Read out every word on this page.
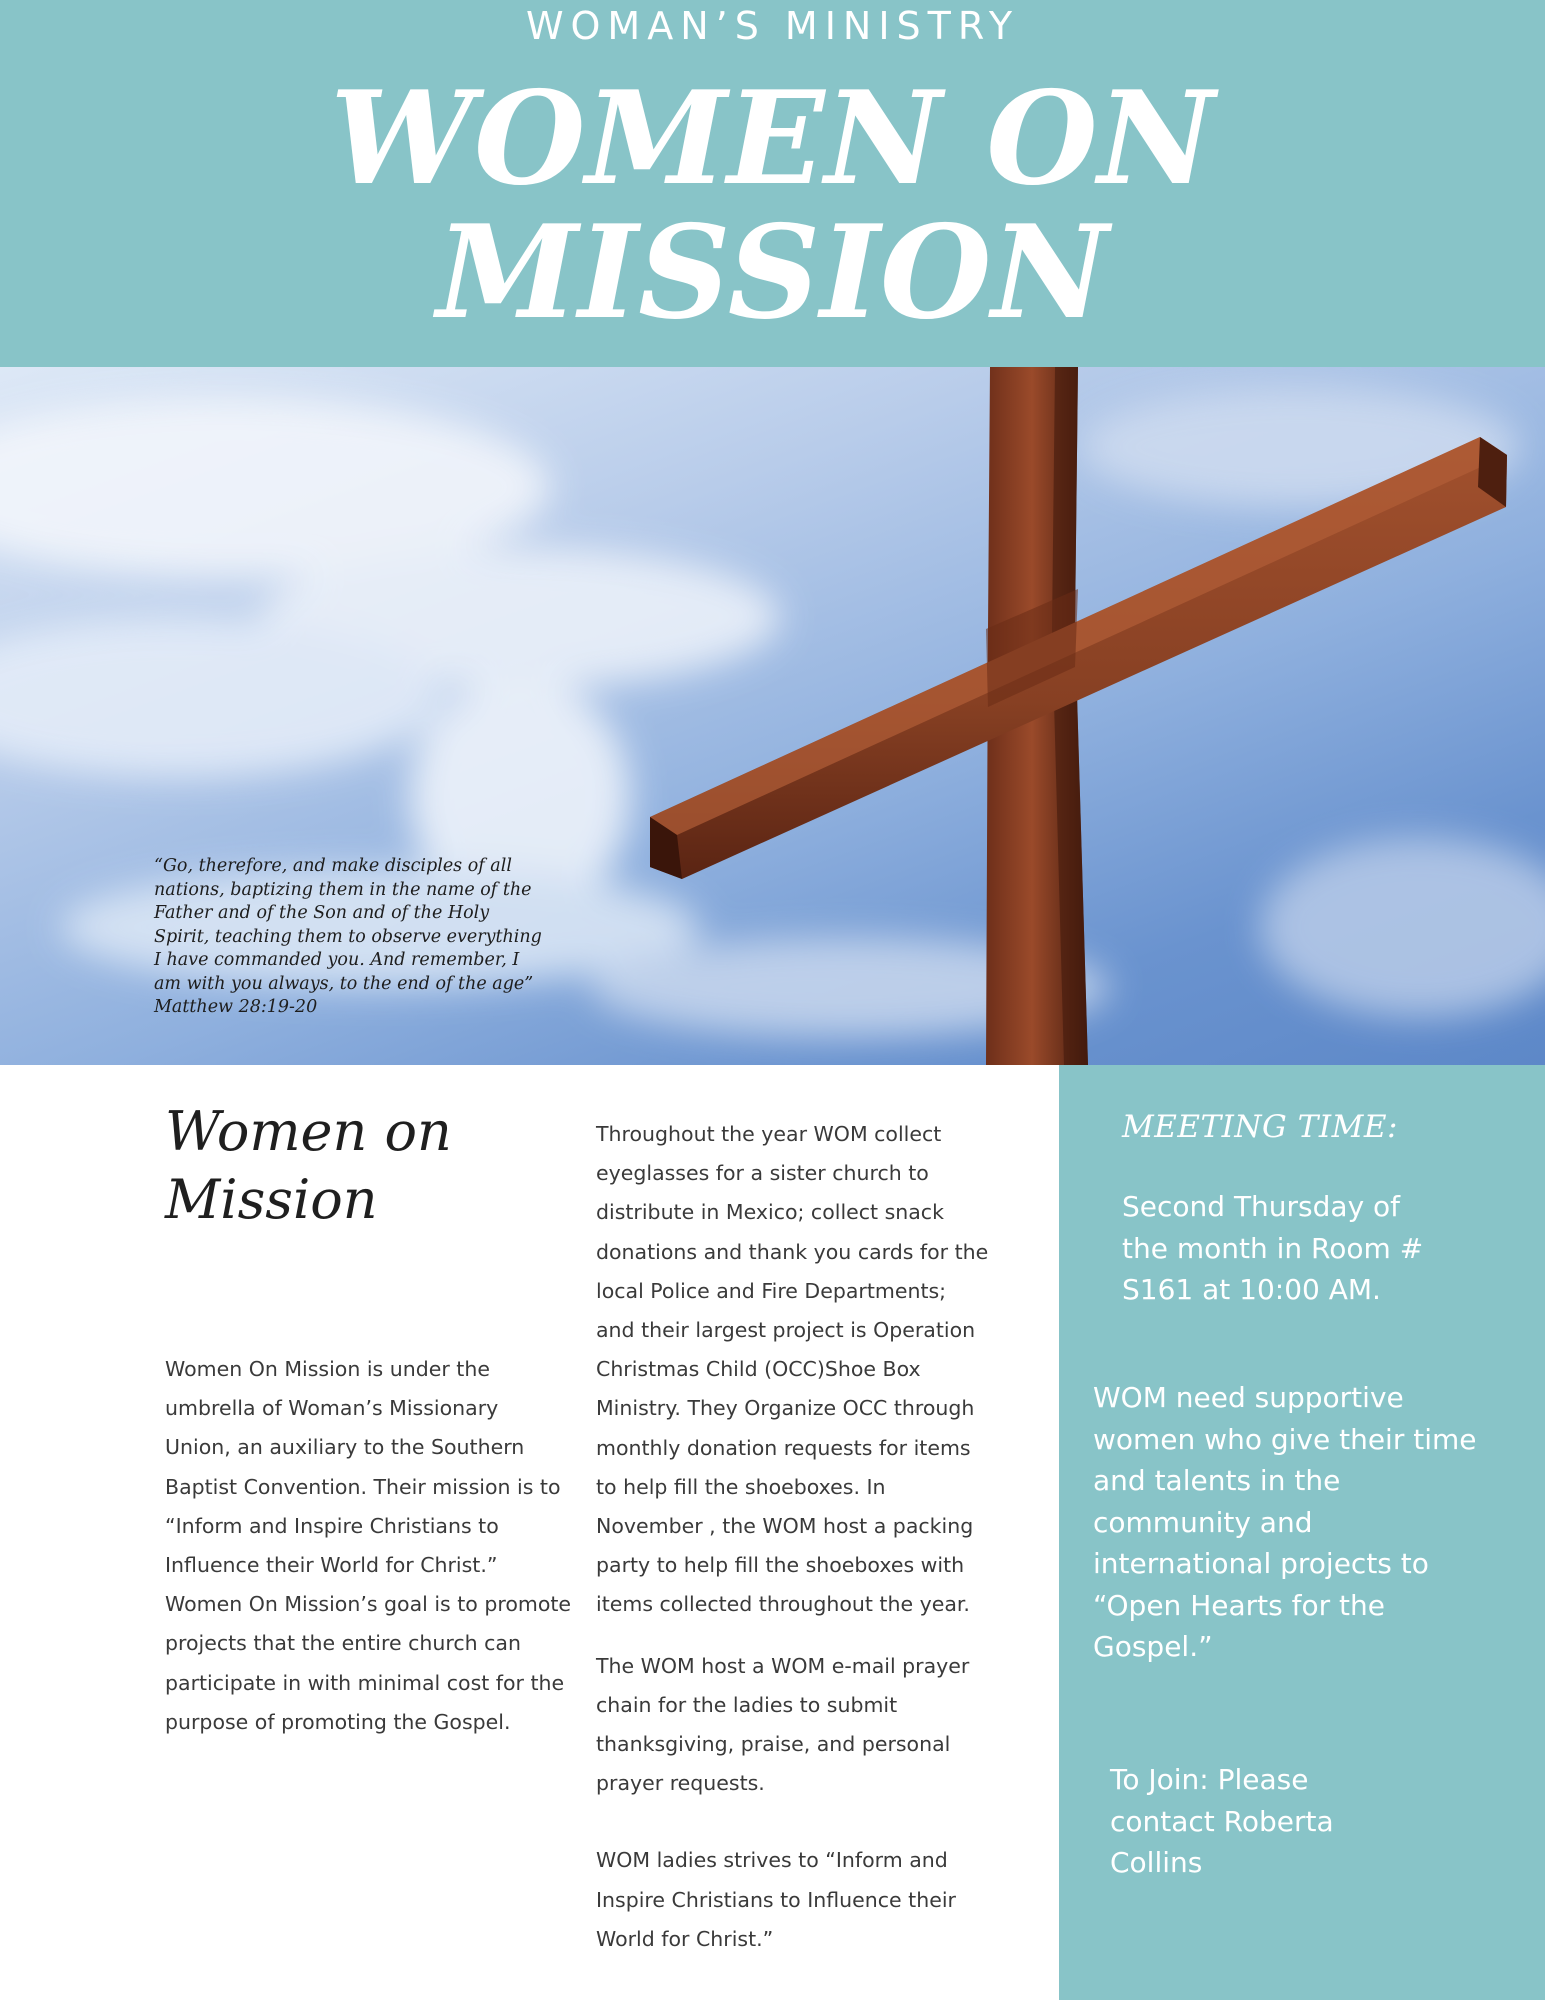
WOMAN’S MINISTRY
WOMEN ON
MISSION
“Go, therefore, and make disciples of all
nations, baptizing them in the name of the
Father and of the Son and of the Holy
Spirit, teaching them to observe everything
I have commanded you. And remember, I
am with you always, to the end of the age”
Matthew 28:19-20
Women on
Mission
Women On Mission is under the
umbrella of Woman’s Missionary
Union, an auxiliary to the Southern
Baptist Convention. Their mission is to
“Inform and Inspire Christians to
Influence their World for Christ.”
Women On Mission’s goal is to promote
projects that the entire church can
participate in with minimal cost for the
purpose of promoting the Gospel.

Throughout the year WOM collect
eyeglasses for a sister church to
distribute in Mexico; collect snack
donations and thank you cards for the
local Police and Fire Departments;
and their largest project is Operation
Christmas Child (OCC)Shoe Box
Ministry. They Organize OCC through
monthly donation requests for items
to help fill the shoeboxes. In
November , the WOM host a packing
party to help fill the shoeboxes with
items collected throughout the year.

The WOM host a WOM e-mail prayer
chain for the ladies to submit
thanksgiving, praise, and personal
prayer requests.

WOM ladies strives to “Inform and
Inspire Christians to Influence their
World for Christ.”

MEETING TIME:
Second Thursday of
the month in Room #
S161 at 10:00 AM.
WOM need supportive
women who give their time
and talents in the
community and
international projects to
“Open Hearts for the
Gospel.”
To Join: Please
contact Roberta
Collins
